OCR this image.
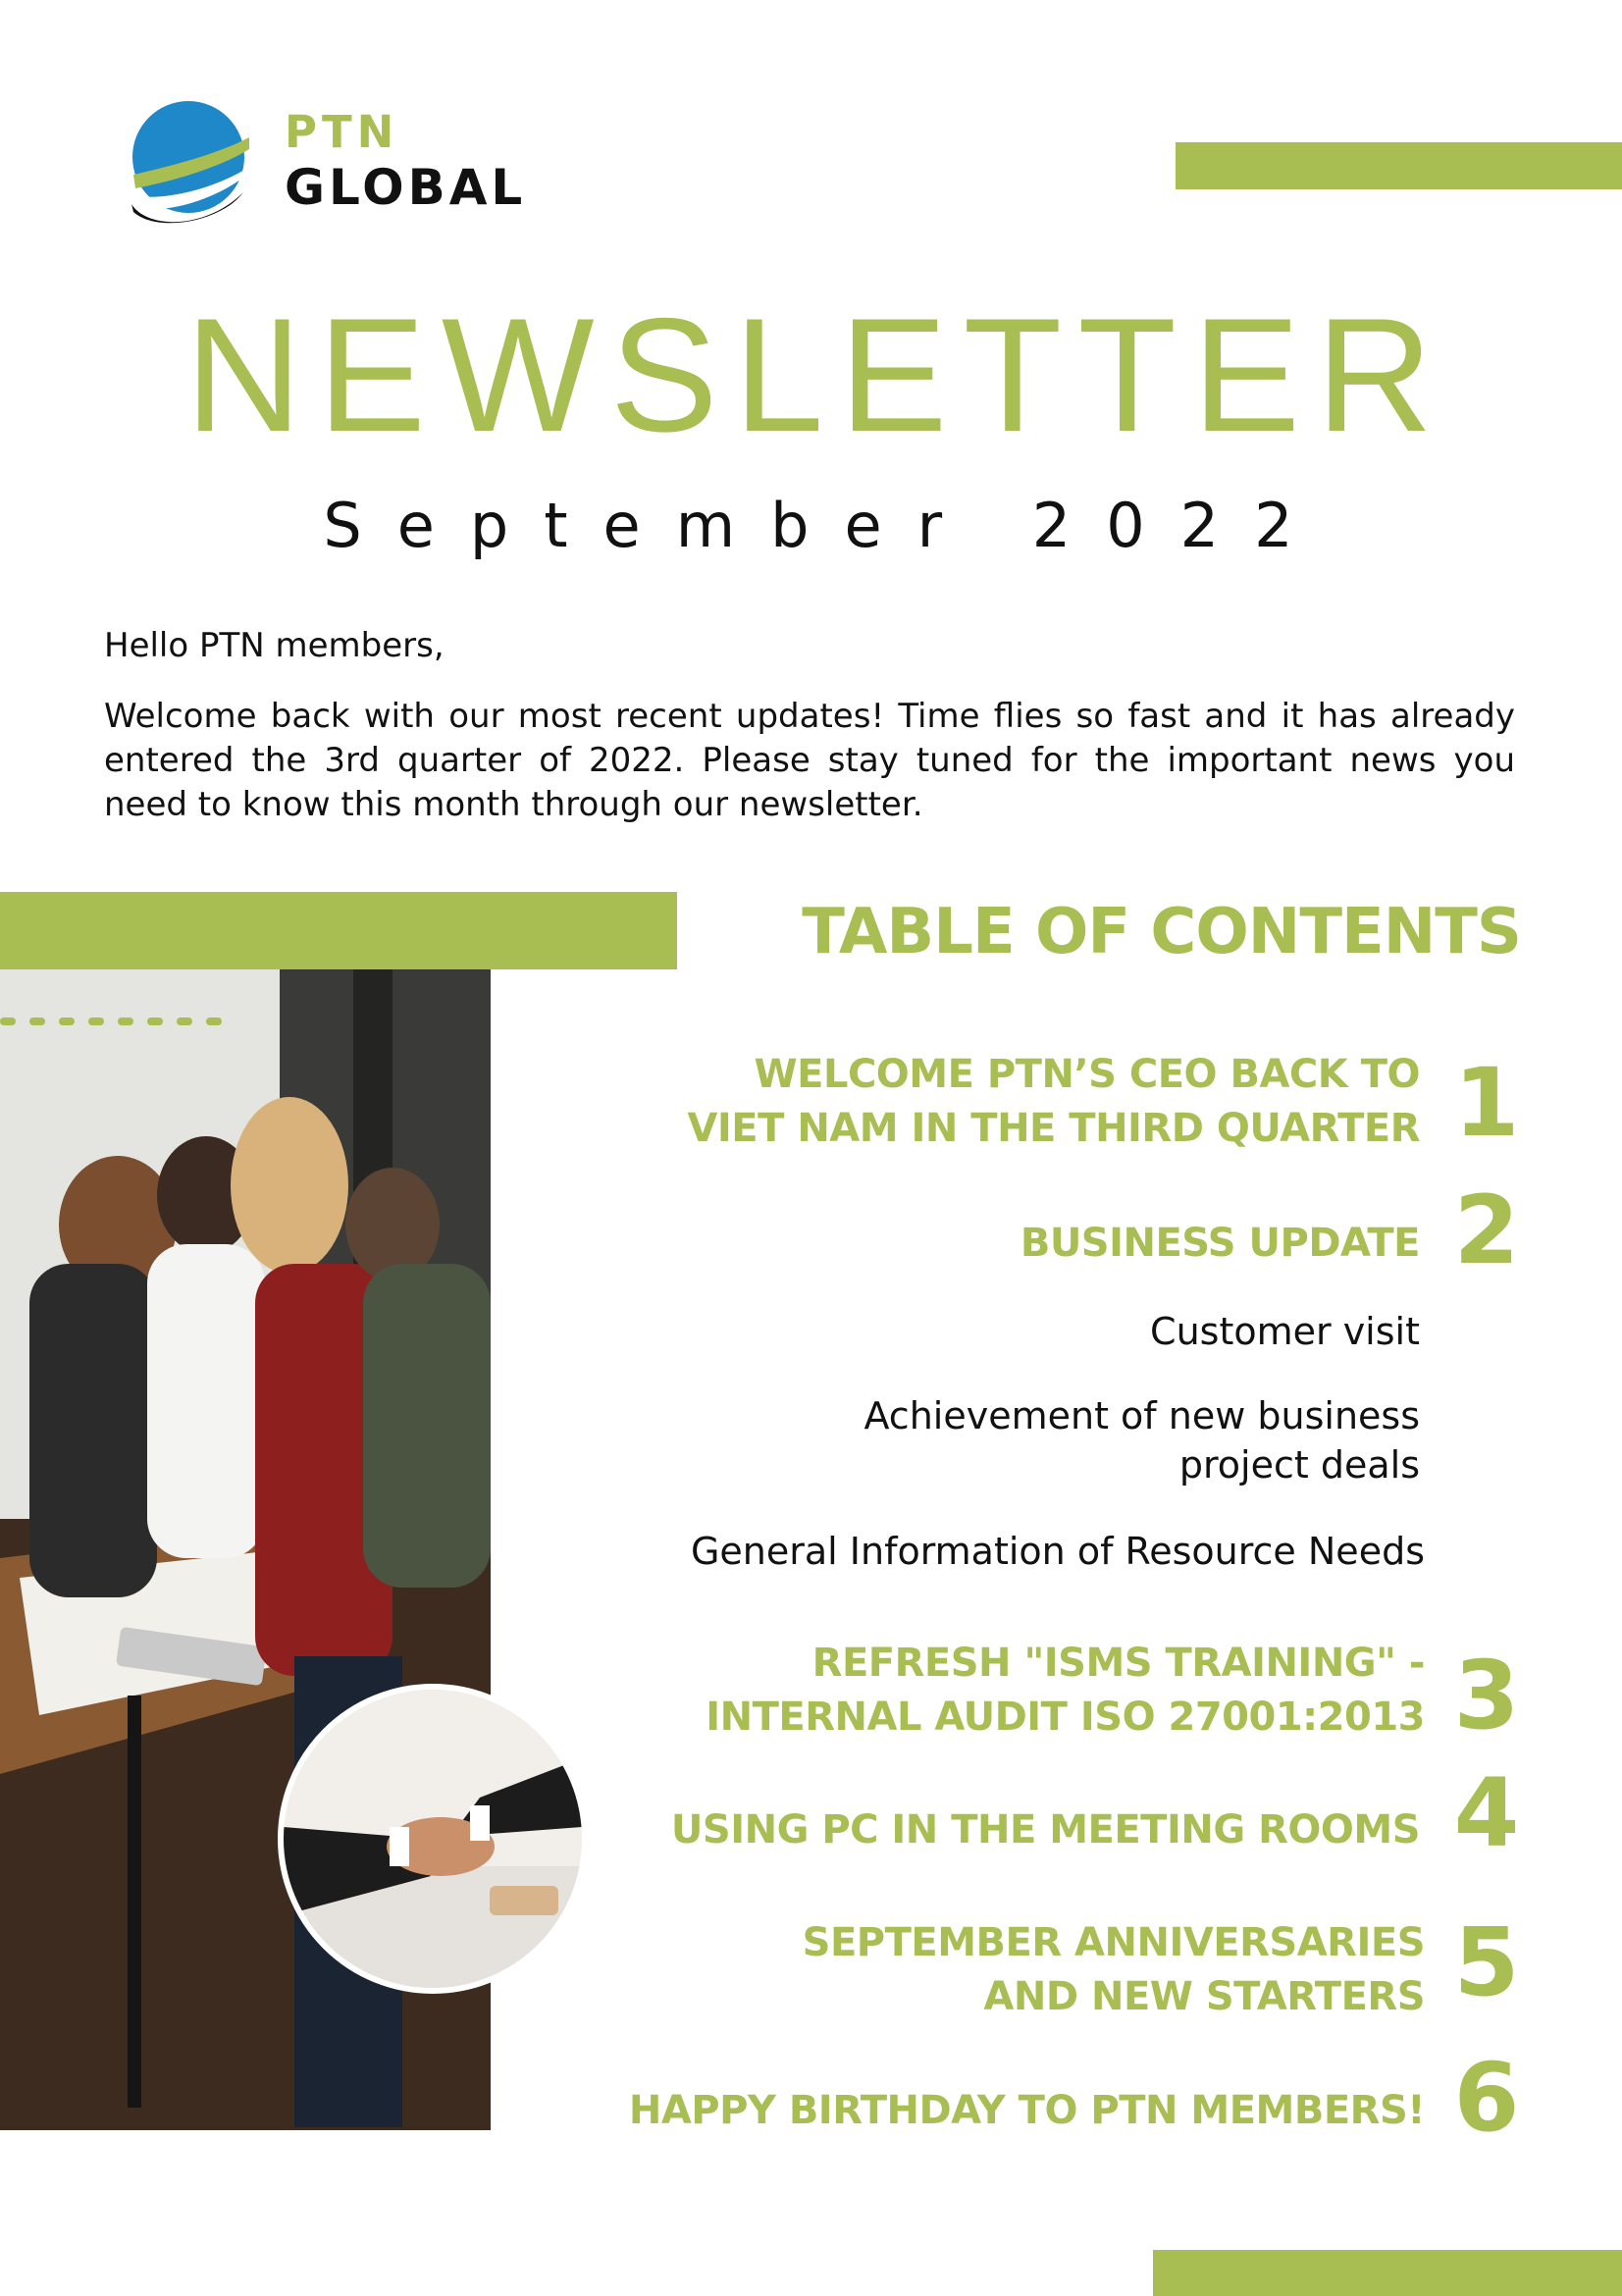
PTN
GLOBAL
NEWSLETTER
September 2022
Hello PTN members,
Welcome back with our most recent updates! Time flies so fast and it has already entered the 3rd quarter of 2022. Please stay tuned for the important news you need to know this month through our newsletter.
TABLE OF CONTENTS
WELCOME PTN’S CEO BACK TO
VIET NAM IN THE THIRD QUARTER 1
BUSINESS UPDATE 2
Customer visit
Achievement of new business
project deals
General Information of Resource Needs
REFRESH "ISMS TRAINING" -
INTERNAL AUDIT ISO 27001:2013 3
USING PC IN THE MEETING ROOMS 4
SEPTEMBER ANNIVERSARIES
AND NEW STARTERS 5
HAPPY BIRTHDAY TO PTN MEMBERS! 6
